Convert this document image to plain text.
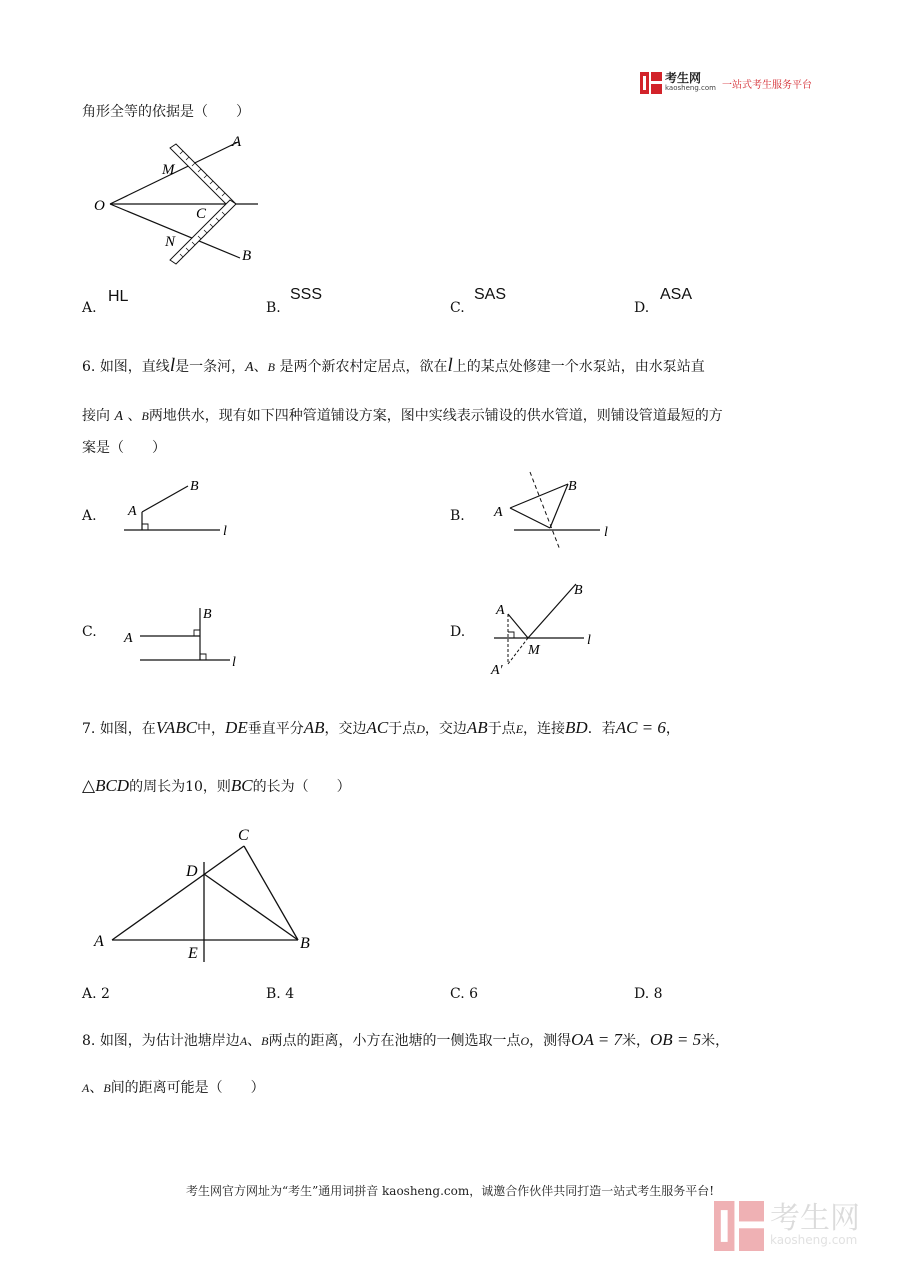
考生网
kaosheng.com 一站式考生服务平台
角形全等的依据是（　　）
A
M
O	C
N
B
A.
HL
B.
SSS
C.
SAS
D.
ASA
6. 如图，直线l是一条河，A、B 是两个新农村定居点，欲在l上的某点处修建一个水泵站，由水泵站直
接向 A 、B两地供水，现有如下四种管道铺设方案，图中实线表示铺设的供水管道，则铺设管道最短的方
案是（　　）
A. A
B
l
B. A
B
l
C. A
B
l
D.
A
B
l
M
A′
7. 如图，在VABC中，DE垂直平分AB，交边AC于点D，交边AB于点E，连接BD．若AC = 6，
△BCD的周长为10，则BC的长为（　　）
A	B
C
D
E
A. 2	B. 4	C. 6	D. 8
8. 如图，为估计池塘岸边A、B两点的距离，小方在池塘的一侧选取一点O，测得OA = 7米，OB = 5米，
A、B间的距离可能是（　　）
考生网官方网址为“考生”通用词拼音 kaosheng.com，诚邀合作伙伴共同打造一站式考生服务平台!
考生网
kaosheng.com
